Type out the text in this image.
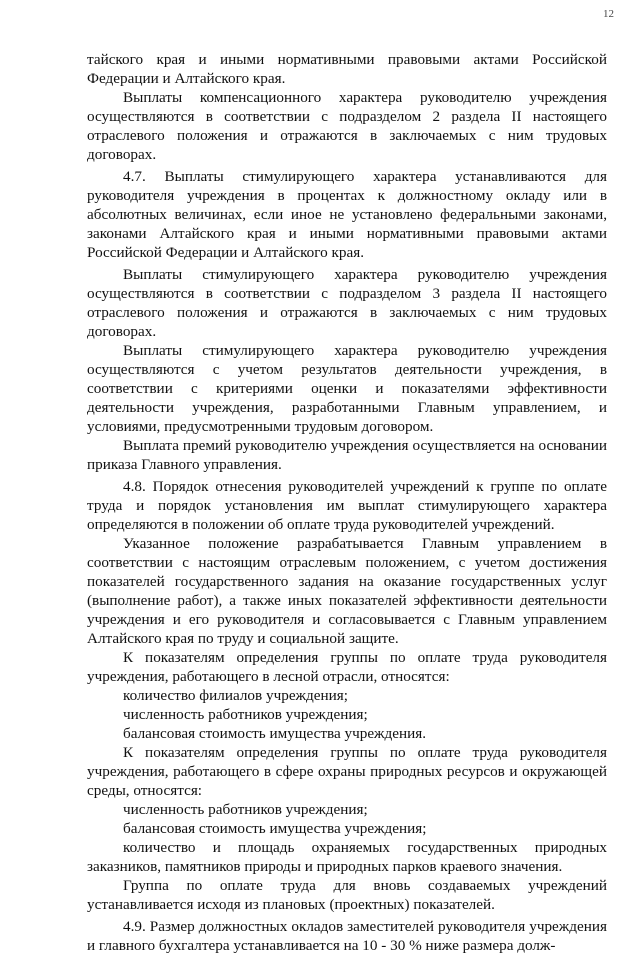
12

тайского края и иными нормативными правовыми актами Российской Федерации и Алтайского края.

Выплаты компенсационного характера руководителю учреждения осуществляются в соответствии с подразделом 2 раздела II настоящего отраслевого положения и отражаются в заключаемых с ним трудовых договорах.

4.7. Выплаты стимулирующего характера устанавливаются для руководителя учреждения в процентах к должностному окладу или в абсолютных величинах, если иное не установлено федеральными законами, законами Алтайского края и иными нормативными правовыми актами Российской Федерации и Алтайского края.

Выплаты стимулирующего характера руководителю учреждения осуществляются в соответствии с подразделом 3 раздела II настоящего отраслевого положения и отражаются в заключаемых с ним трудовых договорах.

Выплаты стимулирующего характера руководителю учреждения осуществляются с учетом результатов деятельности учреждения, в соответствии с критериями оценки и показателями эффективности деятельности учреждения, разработанными Главным управлением, и условиями, предусмотренными трудовым договором.

Выплата премий руководителю учреждения осуществляется на основании приказа Главного управления.

4.8. Порядок отнесения руководителей учреждений к группе по оплате труда и порядок установления им выплат стимулирующего характера определяются в положении об оплате труда руководителей учреждений.

Указанное положение разрабатывается Главным управлением в соответствии с настоящим отраслевым положением, с учетом достижения показателей государственного задания на оказание государственных услуг (выполнение работ), а также иных показателей эффективности деятельности учреждения и его руководителя и согласовывается с Главным управлением Алтайского края по труду и социальной защите.

К показателям определения группы по оплате труда руководителя учреждения, работающего в лесной отрасли, относятся:

количество филиалов учреждения;

численность работников учреждения;

балансовая стоимость имущества учреждения.

К показателям определения группы по оплате труда руководителя учреждения, работающего в сфере охраны природных ресурсов и окружающей среды, относятся:

численность работников учреждения;

балансовая стоимость имущества учреждения;

количество и площадь охраняемых государственных природных заказников, памятников природы и природных парков краевого значения.

Группа по оплате труда для вновь создаваемых учреждений устанавливается исходя из плановых (проектных) показателей.

4.9. Размер должностных окладов заместителей руководителя учреждения и главного бухгалтера устанавливается на 10 - 30 % ниже размера долж-
